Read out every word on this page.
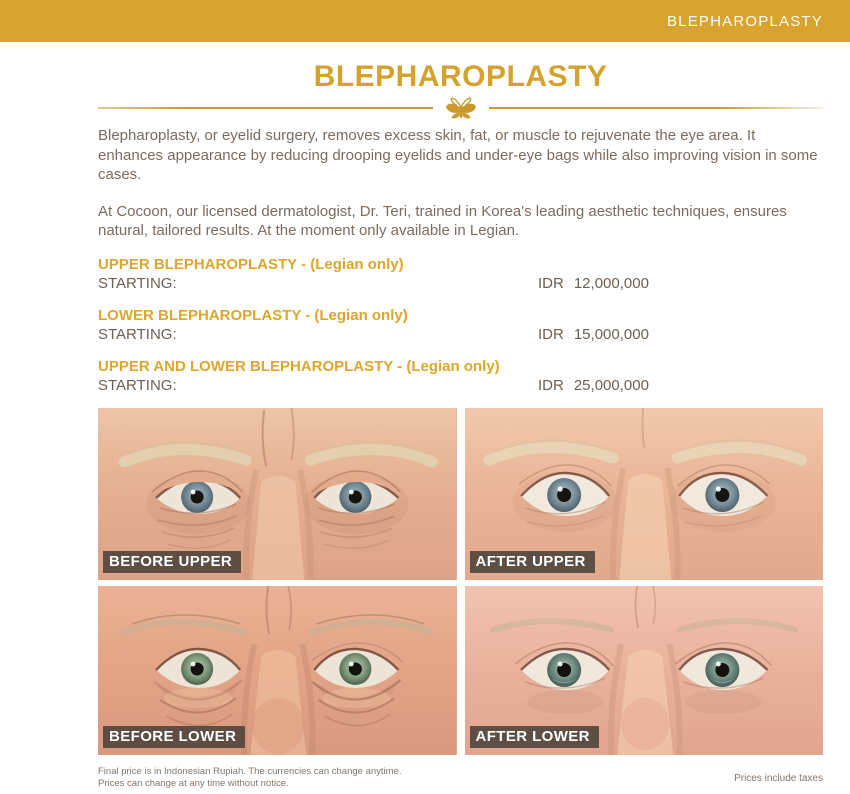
BLEPHAROPLASTY
BLEPHAROPLASTY

Blepharoplasty, or eyelid surgery, removes excess skin, fat, or muscle to rejuvenate the eye area. It enhances appearance by reducing drooping eyelids and under-eye bags while also improving vision in some cases.

At Cocoon, our licensed dermatologist, Dr. Teri, trained in Korea's leading aesthetic techniques, ensures natural, tailored results. At the moment only available in Legian.

UPPER BLEPHAROPLASTY - (Legian only)
STARTING:	IDR 12,000,000
LOWER BLEPHAROPLASTY - (Legian only)
STARTING:	IDR 15,000,000
UPPER AND LOWER BLEPHAROPLASTY - (Legian only)
STARTING:	IDR 25,000,000
BEFORE UPPER	AFTER UPPER
BEFORE LOWER	AFTER LOWER
Final price is in Indonesian Rupiah. The currencies can change anytime.
Prices can change at any time without notice.	Prices include taxes
